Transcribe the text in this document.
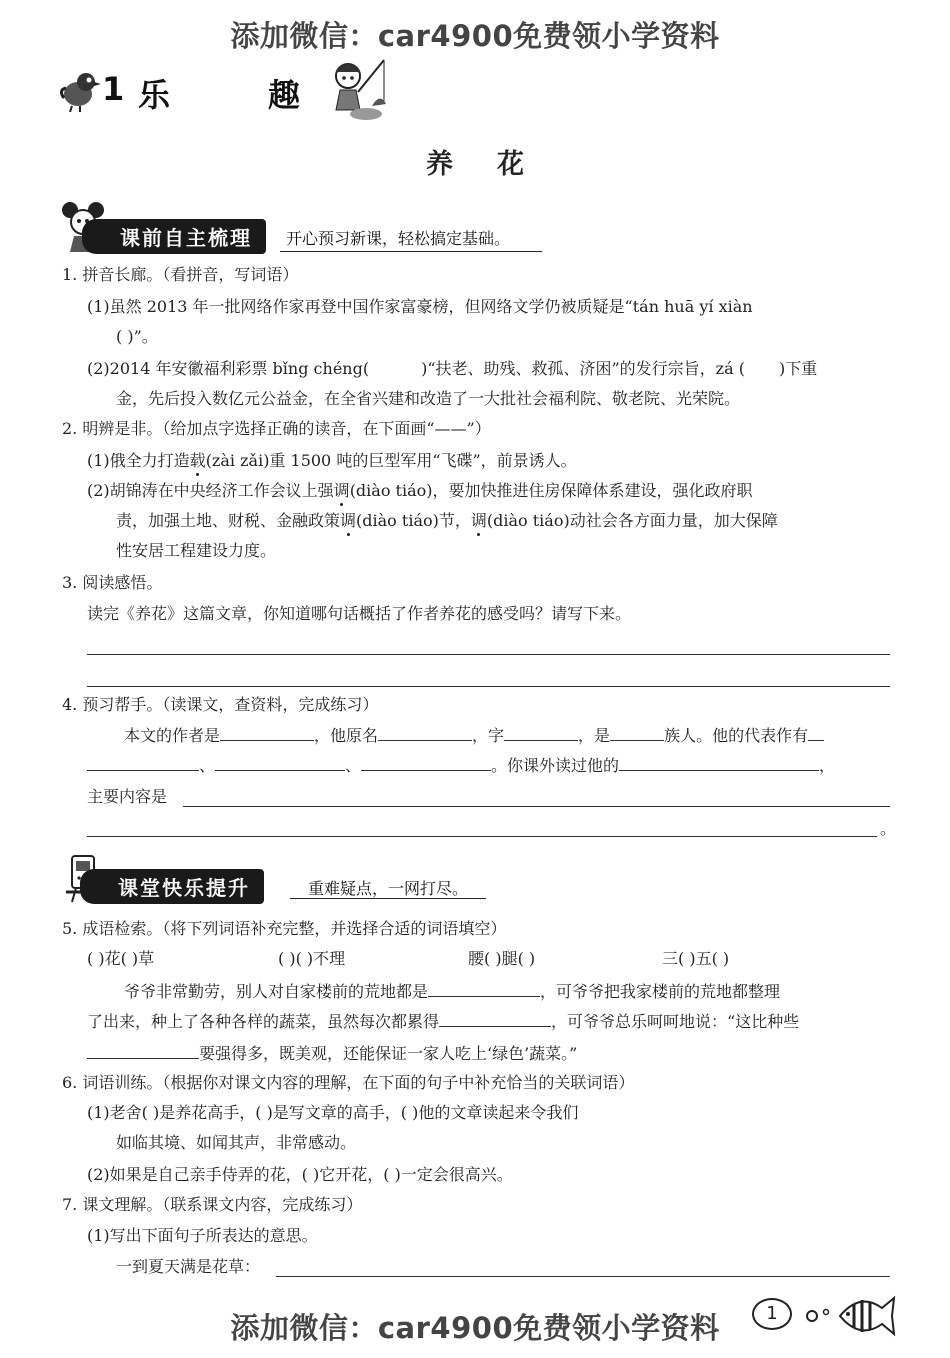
添加微信：car4900免费领小学资料
1 乐	趣
养花
课前自主梳理	开心预习新课，轻松搞定基础。
1. 拼音长廊。（看拼音，写词语）
(1)虽然 2013 年一批网络作家再登中国作家富豪榜，但网络文学仍被质疑是“tán huā yí xiàn
( )”。
(2)2014 年安徽福利彩票 bǐng chéng(	)“扶老、助残、救孤、济困”的发行宗旨，zá ( )下重
金，先后投入数亿元公益金，在全省兴建和改造了一大批社会福利院、敬老院、光荣院。
2. 明辨是非。（给加点字选择正确的读音，在下面画“——”）
(1)俄全力打造载(zài zǎi)重 1500 吨的巨型军用“飞碟”，前景诱人。
(2)胡锦涛在中央经济工作会议上强调(diào tiáo)，要加快推进住房保障体系建设，强化政府职
责，加强土地、财税、金融政策调(diào tiáo)节，调(diào tiáo)动社会各方面力量，加大保障
性安居工程建设力度。
3. 阅读感悟。
读完《养花》这篇文章，你知道哪句话概括了作者养花的感受吗？请写下来。
4. 预习帮手。（读课文，查资料，完成练习）
本文的作者是	，他原名	，字	，是	族人。他的代表作有
、	、	。你课外读过他的	，
主要内容是
。
课堂快乐提升	重难疑点，一网打尽。
5. 成语检索。（将下列词语补充完整，并选择合适的词语填空）
( )花( )草	( )( )不理	腰( )腿( )	三( )五( )
爷爷非常勤劳，别人对自家楼前的荒地都是	，可爷爷把我家楼前的荒地都整理
了出来，种上了各种各样的蔬菜，虽然每次都累得	，可爷爷总乐呵呵地说：“这比种些
要强得多，既美观，还能保证一家人吃上‘绿色’蔬菜。”
6. 词语训练。（根据你对课文内容的理解，在下面的句子中补充恰当的关联词语）
(1)老舍( )是养花高手，( )是写文章的高手，( )他的文章读起来令我们
如临其境、如闻其声，非常感动。
(2)如果是自己亲手侍弄的花，( )它开花，( )一定会很高兴。
7. 课文理解。（联系课文内容，完成练习）
(1)写出下面句子所表达的意思。
一到夏天满是花草：
添加微信：car4900免费领小学资料	1
